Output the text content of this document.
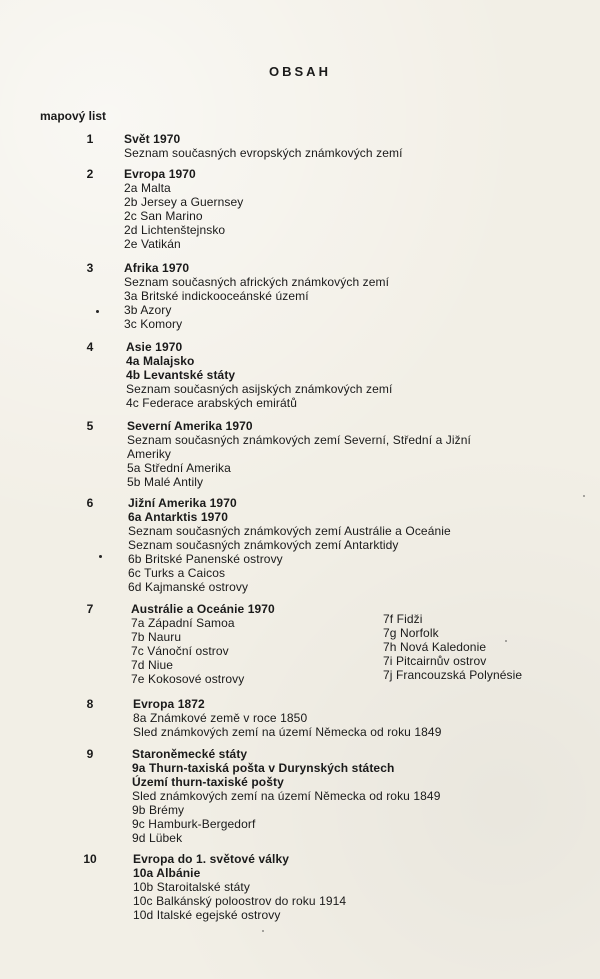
OBSAH
mapový list
1	Svět 1970
Seznam současných evropských známkových zemí
2	Evropa 1970
2a Malta
2b Jersey a Guernsey
2c San Marino
2d Lichtenštejnsko
2e Vatikán
3	Afrika 1970
Seznam současných afrických známkových zemí
3a Britské indickooceánské území
3b Azory
3c Komory
4	Asie 1970
4a Malajsko
4b Levantské státy
Seznam současných asijských známkových zemí
4c Federace arabských emirátů
5	Severní Amerika 1970
Seznam současných známkových zemí Severní, Střední a Jižní
Ameriky
5a Střední Amerika
5b Malé Antily
6	Jižní Amerika 1970
6a Antarktis 1970
Seznam současných známkových zemí Austrálie a Oceánie
Seznam současných známkových zemí Antarktidy
6b Britské Panenské ostrovy
6c Turks a Caicos
6d Kajmanské ostrovy
7	Austrálie a Oceánie 1970
7a Západní Samoa
7b Nauru
7c Vánoční ostrov
7d Niue
7e Kokosové ostrovy
7f Fidži
7g Norfolk
7h Nová Kaledonie
7i Pitcairnův ostrov
7j Francouzská Polynésie
8	Evropa 1872
8a Známkové země v roce 1850
Sled známkových zemí na území Německa od roku 1849
9	Staroněmecké státy
9a Thurn-taxiská pošta v Durynských státech
Území thurn-taxiské pošty
Sled známkových zemí na území Německa od roku 1849
9b Brémy
9c Hamburk-Bergedorf
9d Lübek
10	Evropa do 1. světové války
10a Albánie
10b Staroitalské státy
10c Balkánský poloostrov do roku 1914
10d Italské egejské ostrovy
